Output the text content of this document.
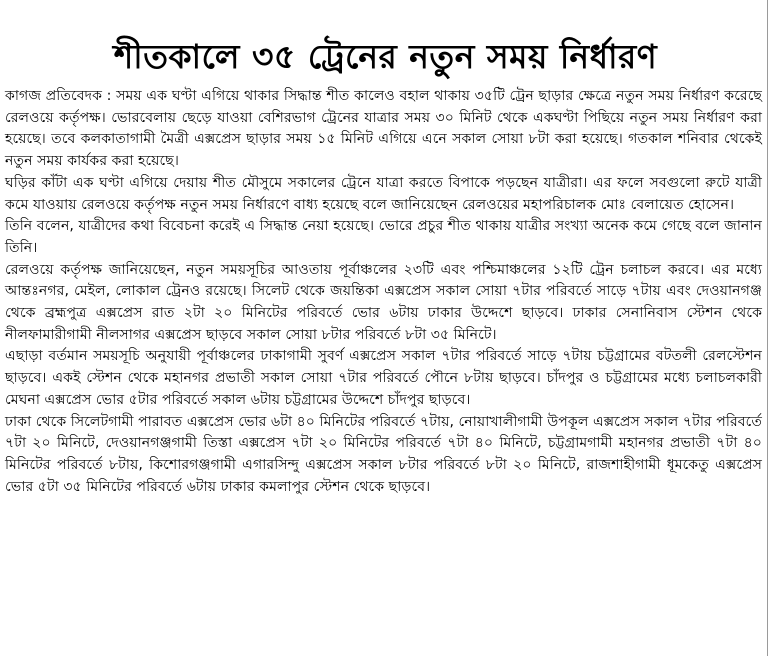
শীতকালে ৩৫ ট্রেনের নতুন সময় নির্ধারণ

কাগজ প্রতিবেদক : সময় এক ঘণ্টা এগিয়ে থাকার সিদ্ধান্ত শীত কালেও বহাল থাকায় ৩৫টি ট্রেন ছাড়ার ক্ষেত্রে নতুন সময় নির্ধারণ করেছে রেলওয়ে কর্তৃপক্ষ। ভোরবেলায় ছেড়ে যাওয়া বেশিরভাগ ট্রেনের যাত্রার সময় ৩০ মিনিট থেকে একঘণ্টা পিছিয়ে নতুন সময় নির্ধারণ করা হয়েছে। তবে কলকাতাগামী মৈত্রী এক্সপ্রেস ছাড়ার সময় ১৫ মিনিট এগিয়ে এনে সকাল সোয়া ৮টা করা হয়েছে। গতকাল শনিবার থেকেই নতুন সময় কার্যকর করা হয়েছে।

ঘড়ির কাঁটা এক ঘণ্টা এগিয়ে দেয়ায় শীত মৌসুমে সকালের ট্রেনে যাত্রা করতে বিপাকে পড়ছেন যাত্রীরা। এর ফলে সবগুলো রুটে যাত্রী কমে যাওয়ায় রেলওয়ে কর্তৃপক্ষ নতুন সময় নির্ধারণে বাধ্য হয়েছে বলে জানিয়েছেন রেলওয়ের মহাপরিচালক মোঃ বেলায়েত হোসেন।

তিনি বলেন, যাত্রীদের কথা বিবেচনা করেই এ সিদ্ধান্ত নেয়া হয়েছে। ভোরে প্রচুর শীত থাকায় যাত্রীর সংখ্যা অনেক কমে গেছে বলে জানান তিনি।

রেলওয়ে কর্তৃপক্ষ জানিয়েছেন, নতুন সময়সূচির আওতায় পূর্বাঞ্চলের ২৩টি এবং পশ্চিমাঞ্চলের ১২টি ট্রেন চলাচল করবে। এর মধ্যে আন্তঃনগর, মেইল, লোকাল ট্রেনও রয়েছে। সিলেট থেকে জয়ন্তিকা এক্সপ্রেস সকাল সোয়া ৭টার পরিবর্তে সাড়ে ৭টায় এবং দেওয়ানগঞ্জ থেকে ব্রহ্মপুত্র এক্সপ্রেস রাত ২টা ২০ মিনিটের পরিবর্তে ভোর ৬টায় ঢাকার উদ্দেশে ছাড়বে। ঢাকার সেনানিবাস স্টেশন থেকে নীলফামারীগামী নীলসাগর এক্সপ্রেস ছাড়বে সকাল সোয়া ৮টার পরিবর্তে ৮টা ৩৫ মিনিটে।

এছাড়া বর্তমান সময়সূচি অনুযায়ী পূর্বাঞ্চলের ঢাকাগামী সুবর্ণ এক্সপ্রেস সকাল ৭টার পরিবর্তে সাড়ে ৭টায় চট্টগ্রামের বটতলী রেলস্টেশন ছাড়বে। একই স্টেশন থেকে মহানগর প্রভাতী সকাল সোয়া ৭টার পরিবর্তে পৌনে ৮টায় ছাড়বে। চাঁদপুর ও চট্টগ্রামের মধ্যে চলাচলকারী মেঘনা এক্সপ্রেস ভোর ৫টার পরিবর্তে সকাল ৬টায় চট্টগ্রামের উদ্দেশে চাঁদপুর ছাড়বে।

ঢাকা থেকে সিলেটগামী পারাবত এক্সপ্রেস ভোর ৬টা ৪০ মিনিটের পরিবর্তে ৭টায়, নোয়াখালীগামী উপকূল এক্সপ্রেস সকাল ৭টার পরিবর্তে ৭টা ২০ মিনিটে, দেওয়ানগঞ্জগামী তিস্তা এক্সপ্রেস ৭টা ২০ মিনিটের পরিবর্তে ৭টা ৪০ মিনিটে, চট্টগ্রামগামী মহানগর প্রভাতী ৭টা ৪০ মিনিটের পরিবর্তে ৮টায়, কিশোরগঞ্জগামী এগারসিন্দু এক্সপ্রেস সকাল ৮টার পরিবর্তে ৮টা ২০ মিনিটে, রাজশাহীগামী ধূমকেতু এক্সপ্রেস ভোর ৫টা ৩৫ মিনিটের পরিবর্তে ৬টায় ঢাকার কমলাপুর স্টেশন থেকে ছাড়বে।
